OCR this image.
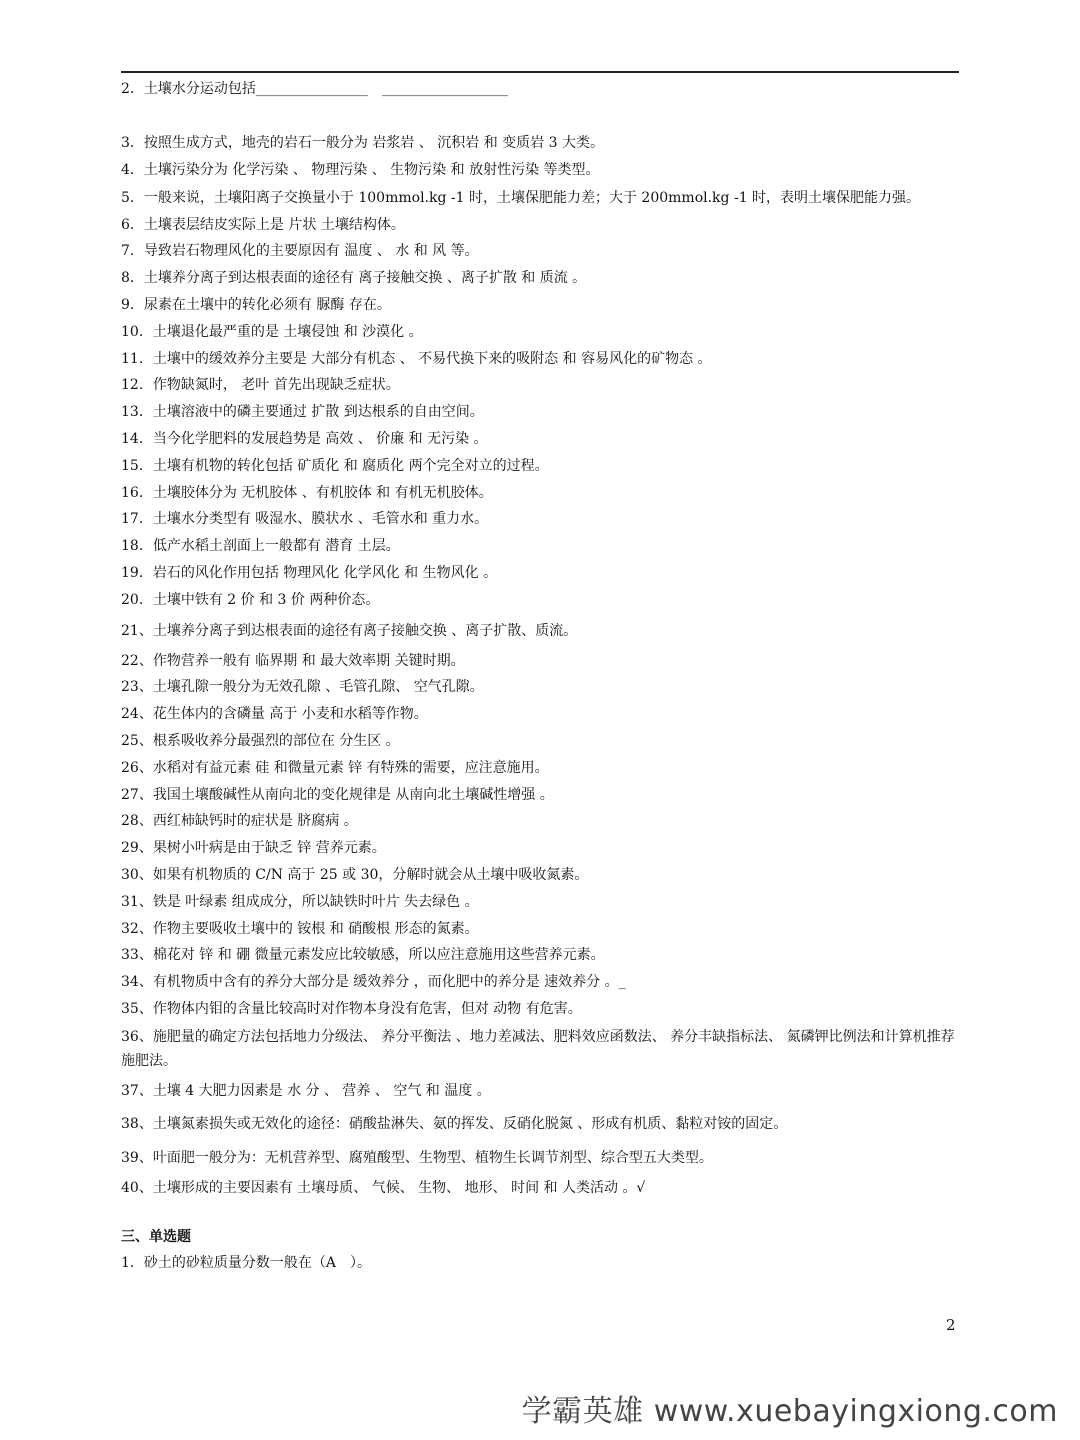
2．土壤水分运动包括________________　__________________
3．按照生成方式，地壳的岩石一般分为 岩浆岩 、 沉积岩 和 变质岩 3 大类。
4．土壤污染分为 化学污染 、 物理污染 、 生物污染 和 放射性污染 等类型。
5．一般来说，土壤阳离子交换量小于 100mmol.kg -1 时，土壤保肥能力差；大于 200mmol.kg -1 时，表明土壤保肥能力强。
6．土壤表层结皮实际上是 片状 土壤结构体。
7．导致岩石物理风化的主要原因有 温度 、 水 和 风 等。
8．土壤养分离子到达根表面的途径有 离子接触交换 、离子扩散 和 质流 。
9．尿素在土壤中的转化必须有 脲酶 存在。
10．土壤退化最严重的是 土壤侵蚀 和 沙漠化 。
11．土壤中的缓效养分主要是 大部分有机态 、 不易代换下来的吸附态 和 容易风化的矿物态 。
12．作物缺氮时， 老叶 首先出现缺乏症状。
13．土壤溶液中的磷主要通过 扩散 到达根系的自由空间。
14．当今化学肥料的发展趋势是 高效 、 价廉 和 无污染 。
15．土壤有机物的转化包括 矿质化 和 腐质化 两个完全对立的过程。
16．土壤胶体分为 无机胶体 、有机胶体 和 有机无机胶体。
17．土壤水分类型有 吸湿水、膜状水 、毛管水和 重力水。
18．低产水稻土剖面上一般都有 潜育 土层。
19．岩石的风化作用包括 物理风化 化学风化 和 生物风化 。
20．土壤中铁有 2 价 和 3 价 两种价态。
21、土壤养分离子到达根表面的途径有离子接触交换 、离子扩散、质流。
22、作物营养一般有 临界期 和 最大效率期 关键时期。
23、土壤孔隙一般分为无效孔隙 、毛管孔隙、 空气孔隙。
24、花生体内的含磷量 高于 小麦和水稻等作物。
25、根系吸收养分最强烈的部位在 分生区 。
26、水稻对有益元素 硅 和微量元素 锌 有特殊的需要，应注意施用。
27、我国土壤酸碱性从南向北的变化规律是 从南向北土壤碱性增强 。
28、西红柿缺钙时的症状是 脐腐病 。
29、果树小叶病是由于缺乏 锌 营养元素。
30、如果有机物质的 C/N 高于 25 或 30，分解时就会从土壤中吸收氮素。
31、铁是 叶绿素 组成成分，所以缺铁时叶片 失去绿色 。
32、作物主要吸收土壤中的 铵根 和 硝酸根 形态的氮素。
33、棉花对 锌 和 硼 微量元素发应比较敏感，所以应注意施用这些营养元素。
34、有机物质中含有的养分大部分是 缓效养分 ，而化肥中的养分是 速效养分 。_
35、作物体内钼的含量比较高时对作物本身没有危害，但对 动物 有危害。
36、施肥量的确定方法包括地力分级法、 养分平衡法 、地力差减法、肥料效应函数法、 养分丰缺指标法、 氮磷钾比例法和计算机推荐施肥法。
37、土壤 4 大肥力因素是 水 分 、 营养 、 空气 和 温度 。
38、土壤氮素损失或无效化的途径：硝酸盐淋失、氨的挥发、反硝化脱氮 、形成有机质、黏粒对铵的固定。
39、叶面肥一般分为：无机营养型、腐殖酸型、生物型、植物生长调节剂型、综合型五大类型。
40、土壤形成的主要因素有 土壤母质、 气候、 生物、 地形、 时间 和 人类活动 。√
三、单选题
1．砂土的砂粒质量分数一般在（A　）。
2
学霸英雄 www.xuebayingxiong.com
